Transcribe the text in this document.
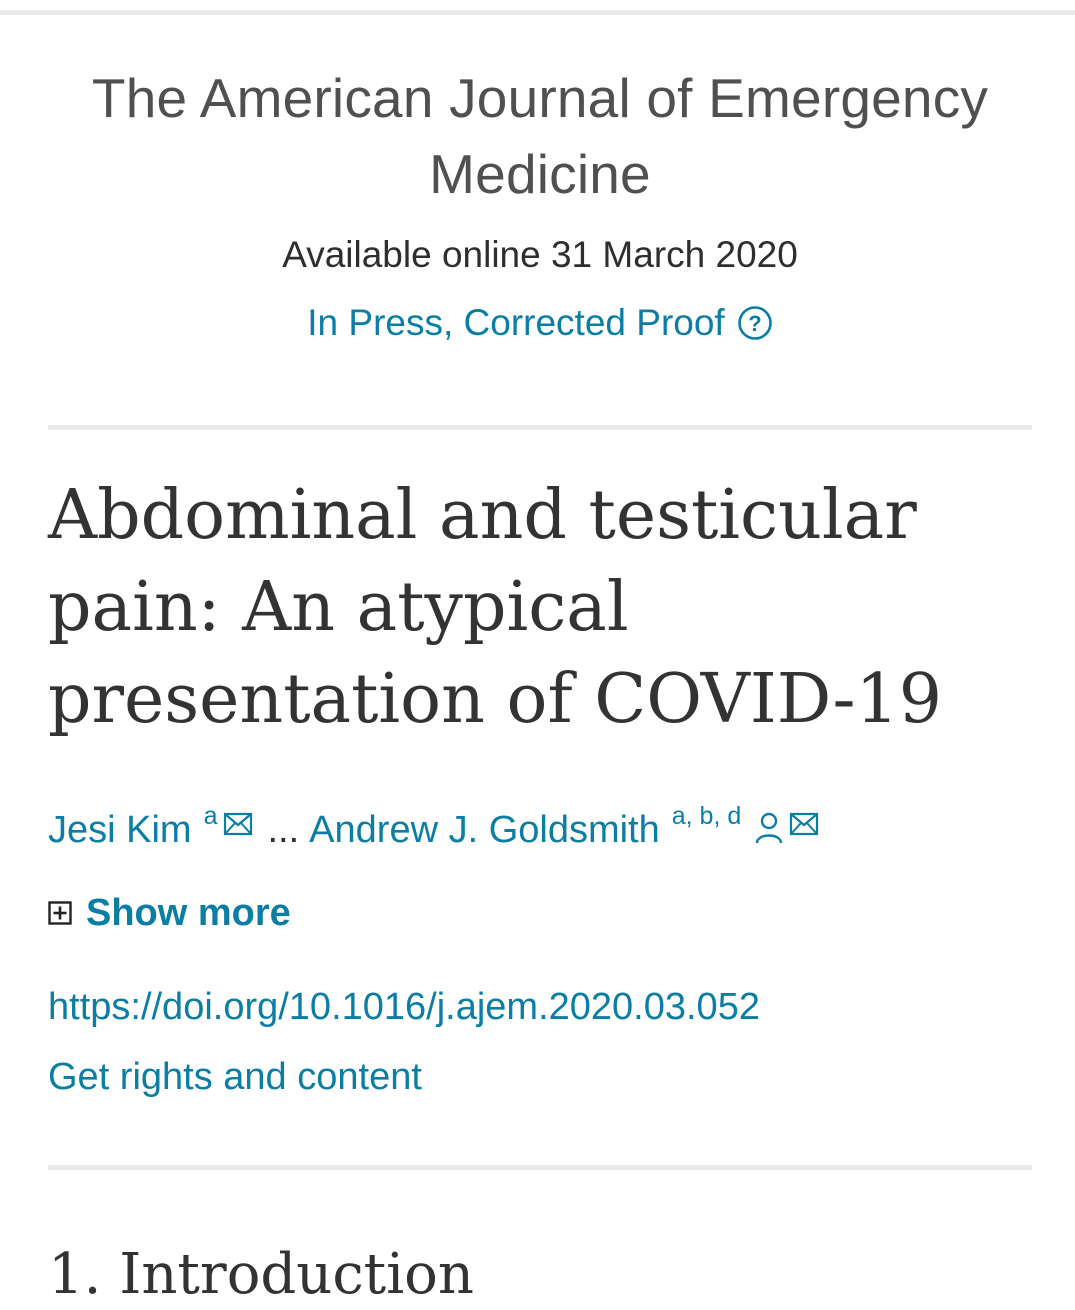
The American Journal of Emergency Medicine
Available online 31 March 2020
In Press, Corrected Proof ?
Abdominal and testicular pain: An atypical presentation of COVID-19
Jesi Kim $^a$ ... Andrew J. Goldsmith $^{a, b, d}$
Show more
https://doi.org/10.1016/j.ajem.2020.03.052
Get rights and content
1. Introduction
